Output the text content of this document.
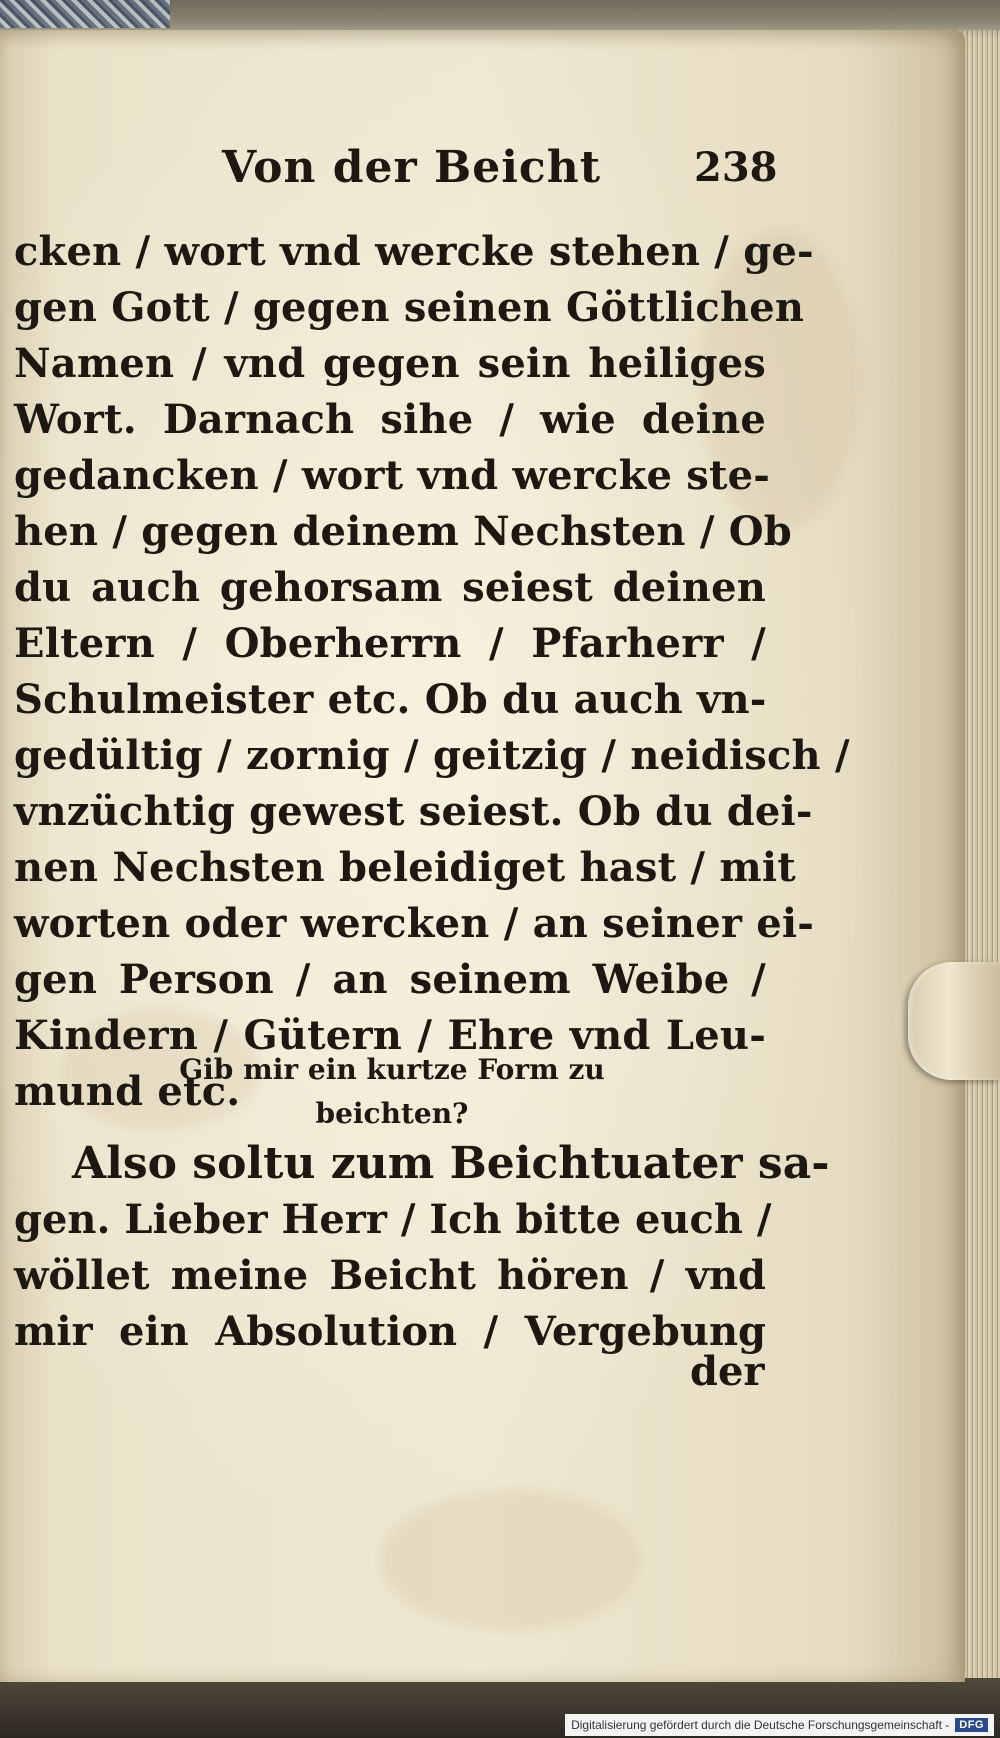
Von der Beicht	238
cken / wort vnd wercke stehen / ge-
gen Gott / gegen seinen Göttlichen
Namen / vnd gegen sein heiliges
Wort. Darnach sihe / wie deine
gedancken / wort vnd wercke ste-
hen / gegen deinem Nechsten / Ob
du auch gehorsam seiest deinen
Eltern / Oberherrn / Pfarherr /
Schulmeister etc. Ob du auch vn-
gedültig / zornig / geitzig / neidisch /
vnzüchtig gewest seiest. Ob du dei-
nen Nechsten beleidiget hast / mit
worten oder wercken / an seiner ei-
gen Person / an seinem Weibe /
Kindern / Gütern / Ehre vnd Leu-
mund etc.
Gib mir ein kurtze Form zu
beichten?
Also soltu zum Beichtuater sa-
gen. Lieber Herr / Ich bitte euch /
wöllet meine Beicht hören / vnd
mir ein Absolution / Vergebung
der
Digitalisierung gefördert durch die Deutsche Forschungsgemeinschaft - DFG
